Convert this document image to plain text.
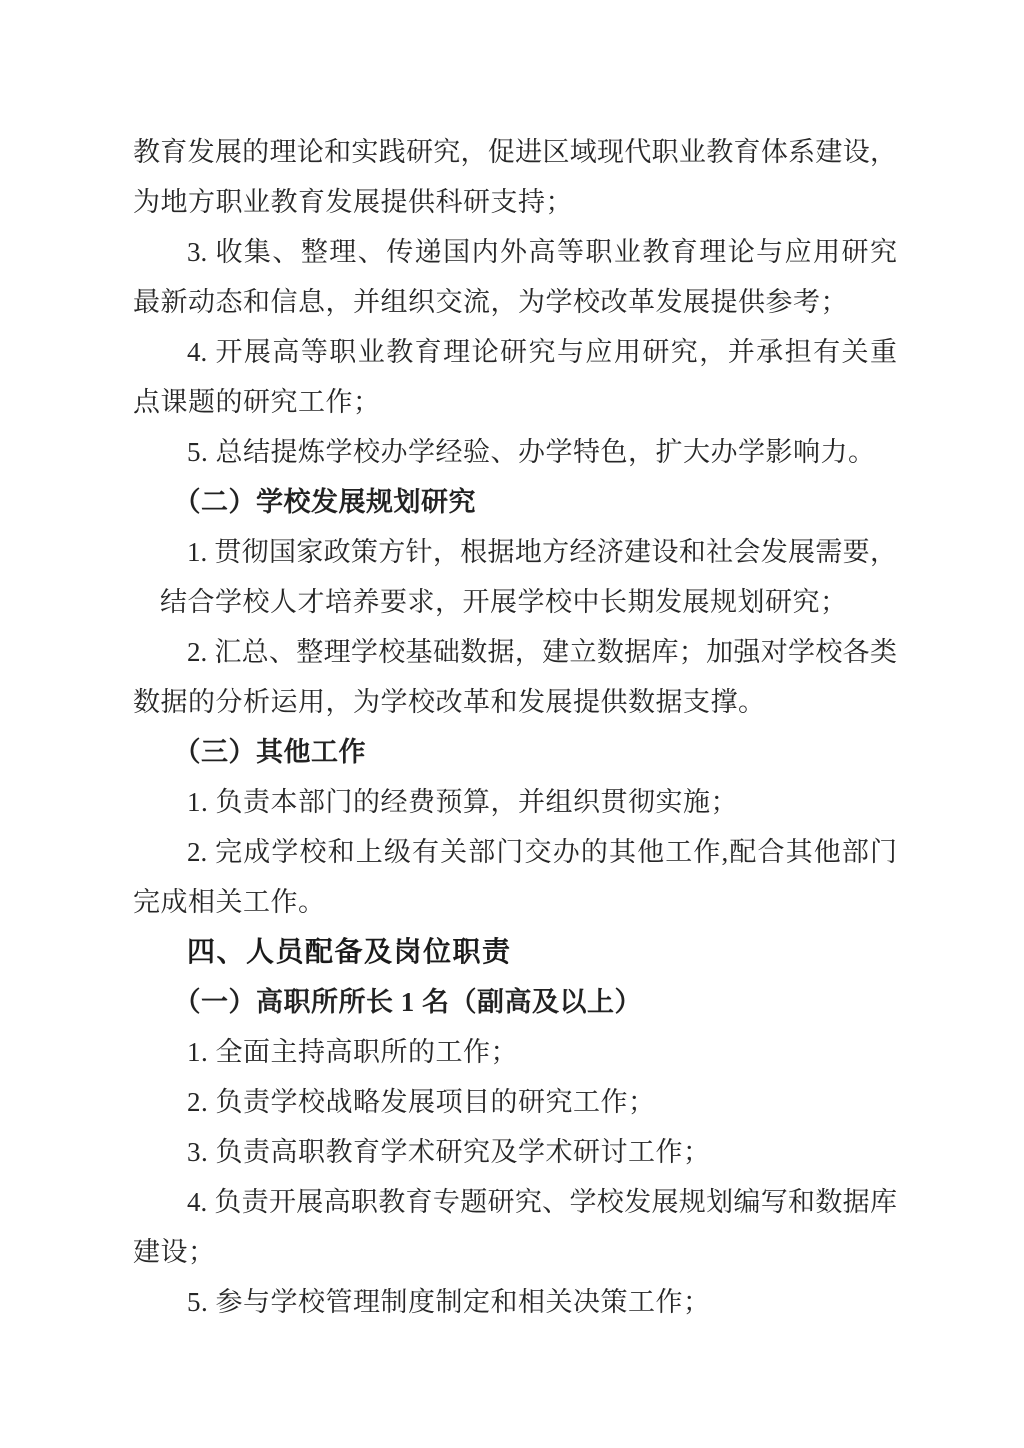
教育发展的理论和实践研究，促进区域现代职业教育体系建设，
为地方职业教育发展提供科研支持；
3. 收集、整理、传递国内外高等职业教育理论与应用研究
最新动态和信息，并组织交流，为学校改革发展提供参考；
4. 开展高等职业教育理论研究与应用研究，并承担有关重
点课题的研究工作；
5. 总结提炼学校办学经验、办学特色，扩大办学影响力。
（二）学校发展规划研究
1. 贯彻国家政策方针，根据地方经济建设和社会发展需要，
结合学校人才培养要求，开展学校中长期发展规划研究；
2. 汇总、整理学校基础数据，建立数据库；加强对学校各类
数据的分析运用，为学校改革和发展提供数据支撑。
（三）其他工作
1. 负责本部门的经费预算，并组织贯彻实施；
2. 完成学校和上级有关部门交办的其他工作,配合其他部门
完成相关工作。
四、人员配备及岗位职责
（一）高职所所长 1 名（副高及以上）
1. 全面主持高职所的工作；
2. 负责学校战略发展项目的研究工作；
3. 负责高职教育学术研究及学术研讨工作；
4. 负责开展高职教育专题研究、学校发展规划编写和数据库
建设；
5. 参与学校管理制度制定和相关决策工作；
